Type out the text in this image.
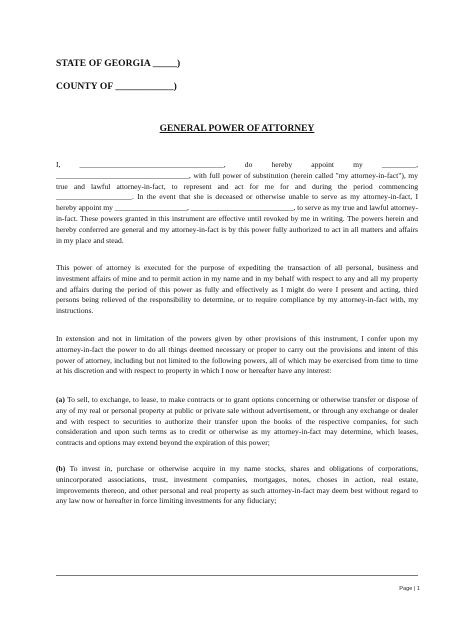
STATE OF GEORGIA _____)
COUNTY OF ____________)
GENERAL POWER OF ATTORNEY

I, ______________________________________, do hereby appoint my _________, ___________________________________, with full power of substitution (herein called "my attorney-in-fact"), my true and lawful attorney-in-fact, to represent and act for me for and during the period commencing ____________________. In the event that she is deceased or otherwise unable to serve as my attorney-in-fact, I hereby appoint my ___________________, ___________________________, to serve as my true and lawful attorney-in-fact. These powers granted in this instrument are effective until revoked by me in writing. The powers herein and hereby conferred are general and my attorney-in-fact is by this power fully authorized to act in all matters and affairs in my place and stead.

This power of attorney is executed for the purpose of expediting the transaction of all personal, business and investment affairs of mine and to permit action in my name and in my behalf with respect to any and all my property and affairs during the period of this power as fully and effectively as I might do were I present and acting, third persons being relieved of the responsibility to determine, or to require compliance by my attorney-in-fact with, my instructions.

In extension and not in limitation of the powers given by other provisions of this instrument, I confer upon my attorney-in-fact the power to do all things deemed necessary or proper to carry out the provisions and intent of this power of attorney, including but not limited to the following powers, all of which may be exercised from time to time at his discretion and with respect to property in which I now or hereafter have any interest:

(a) To sell, to exchange, to lease, to make contracts or to grant options concerning or otherwise transfer or dispose of any of my real or personal property at public or private sale without advertisement, or through any exchange or dealer and with respect to securities to authorize their transfer upon the books of the respective companies, for such consideration and upon such terms as to credit or otherwise as my attorney-in-fact may determine, which leases, contracts and options may extend beyond the expiration of this power;

(b) To invest in, purchase or otherwise acquire in my name stocks, shares and obligations of corporations, unincorporated associations, trust, investment companies, mortgages, notes, choses in action, real estate, improvements thereon, and other personal and real property as such attorney-in-fact may deem best without regard to any law now or hereafter in force limiting investments for any fiduciary;

Page | 1
